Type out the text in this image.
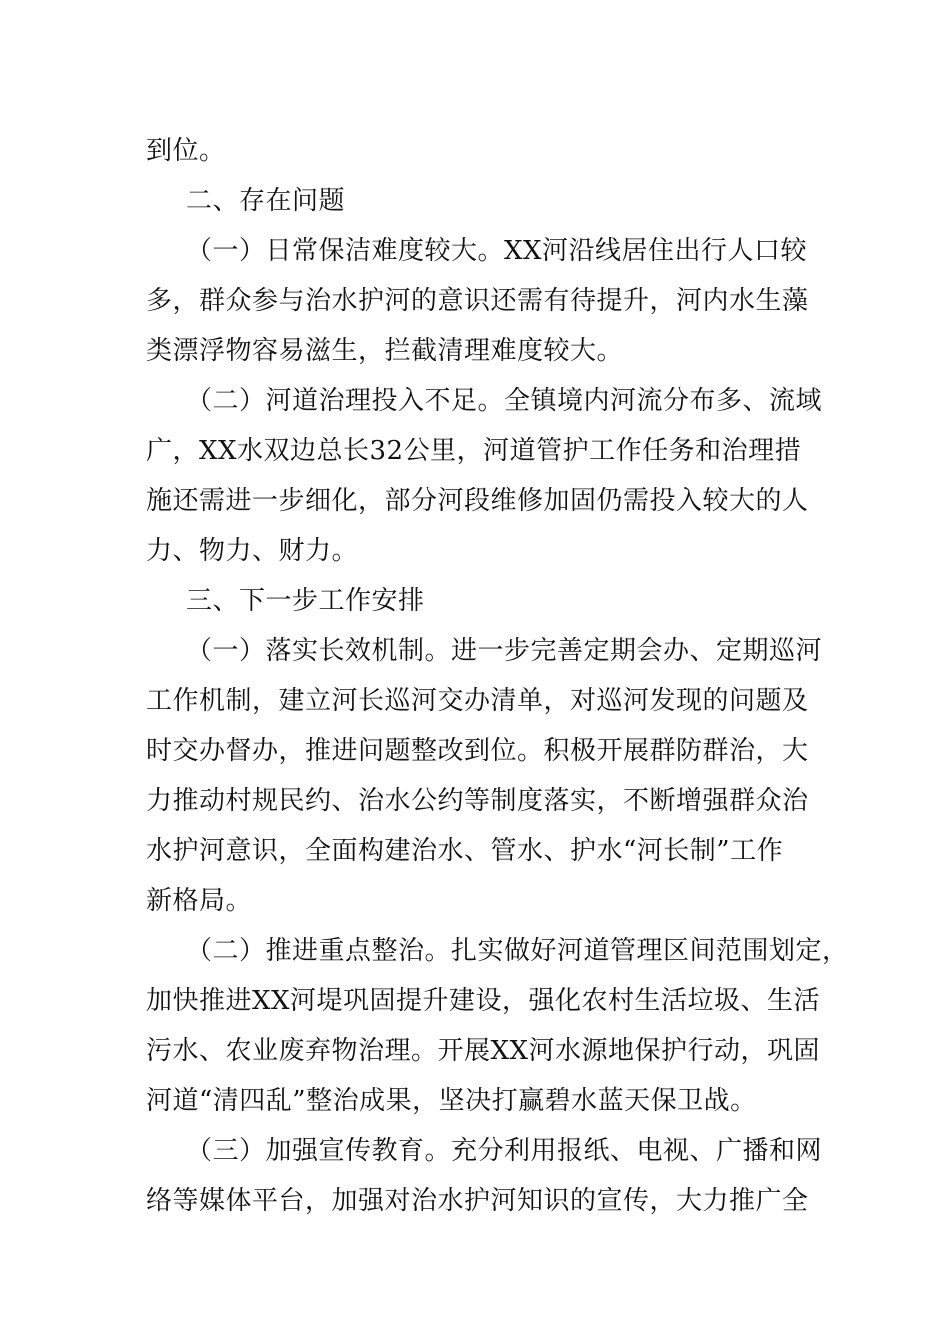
到位。
二、存在问题
（一）日常保洁难度较大。XX河沿线居住出行人口较
多，群众参与治水护河的意识还需有待提升，河内水生藻
类漂浮物容易滋生，拦截清理难度较大。
（二）河道治理投入不足。全镇境内河流分布多、流域
广，XX水双边总长32公里，河道管护工作任务和治理措
施还需进一步细化，部分河段维修加固仍需投入较大的人
力、物力、财力。
三、下一步工作安排
（一）落实长效机制。进一步完善定期会办、定期巡河
工作机制，建立河长巡河交办清单，对巡河发现的问题及
时交办督办，推进问题整改到位。积极开展群防群治，大
力推动村规民约、治水公约等制度落实，不断增强群众治
水护河意识，全面构建治水、管水、护水“河长制”工作
新格局。
（二）推进重点整治。扎实做好河道管理区间范围划定，
加快推进XX河堤巩固提升建设，强化农村生活垃圾、生活
污水、农业废弃物治理。开展XX河水源地保护行动，巩固
河道“清四乱”整治成果，坚决打赢碧水蓝天保卫战。
（三）加强宣传教育。充分利用报纸、电视、广播和网
络等媒体平台，加强对治水护河知识的宣传，大力推广全
